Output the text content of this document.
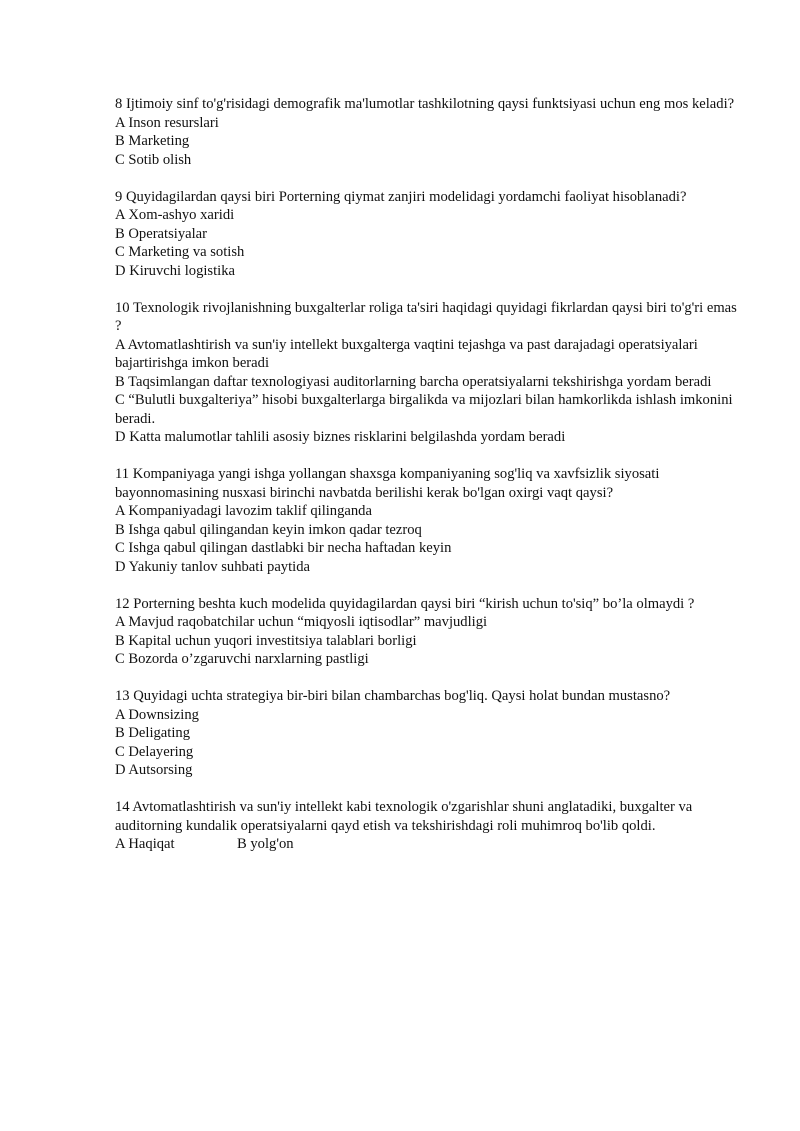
8 Ijtimoiy sinf to'g'risidagi demografik ma'lumotlar tashkilotning qaysi funktsiyasi uchun eng mos keladi?
A Inson resurslari
B Marketing
C Sotib olish
9 Quyidagilardan qaysi biri Porterning qiymat zanjiri modelidagi yordamchi faoliyat hisoblanadi?
A Xom-ashyo xaridi
B Operatsiyalar
C Marketing va sotish
D Kiruvchi logistika
10 Texnologik rivojlanishning buxgalterlar roliga ta'siri haqidagi quyidagi fikrlardan qaysi biri to'g'ri emas ?
A Avtomatlashtirish va sun'iy intellekt buxgalterga vaqtini tejashga va past darajadagi operatsiyalari bajartirishga imkon beradi
B Taqsimlangan daftar texnologiyasi auditorlarning barcha operatsiyalarni tekshirishga yordam beradi
C “Bulutli buxgalteriya” hisobi buxgalterlarga birgalikda va mijozlari bilan hamkorlikda ishlash imkonini beradi.
D Katta malumotlar tahlili asosiy biznes risklarini belgilashda yordam beradi
11 Kompaniyaga yangi ishga yollangan shaxsga kompaniyaning sog'liq va xavfsizlik siyosati bayonnomasining nusxasi birinchi navbatda berilishi kerak bo'lgan oxirgi vaqt qaysi?
A Kompaniyadagi lavozim taklif qilinganda
B Ishga qabul qilingandan keyin imkon qadar tezroq
C Ishga qabul qilingan dastlabki bir necha haftadan keyin
D Yakuniy tanlov suhbati paytida
12 Porterning beshta kuch modelida quyidagilardan qaysi biri “kirish uchun to'siq” bo’la olmaydi ?
A Mavjud raqobatchilar uchun “miqyosli iqtisodlar” mavjudligi
B Kapital uchun yuqori investitsiya talablari borligi
C Bozorda o’zgaruvchi narxlarning pastligi
13 Quyidagi uchta strategiya bir-biri bilan chambarchas bog'liq. Qaysi holat bundan mustasno?
A Downsizing
B Deligating
C Delayering
D Autsorsing
14 Avtomatlashtirish va sun'iy intellekt kabi texnologik o'zgarishlar shuni anglatadiki, buxgalter va auditorning kundalik operatsiyalarni qayd etish va tekshirishdagi roli muhimroq bo'lib qoldi.
A Haqiqat	B yolg'on
